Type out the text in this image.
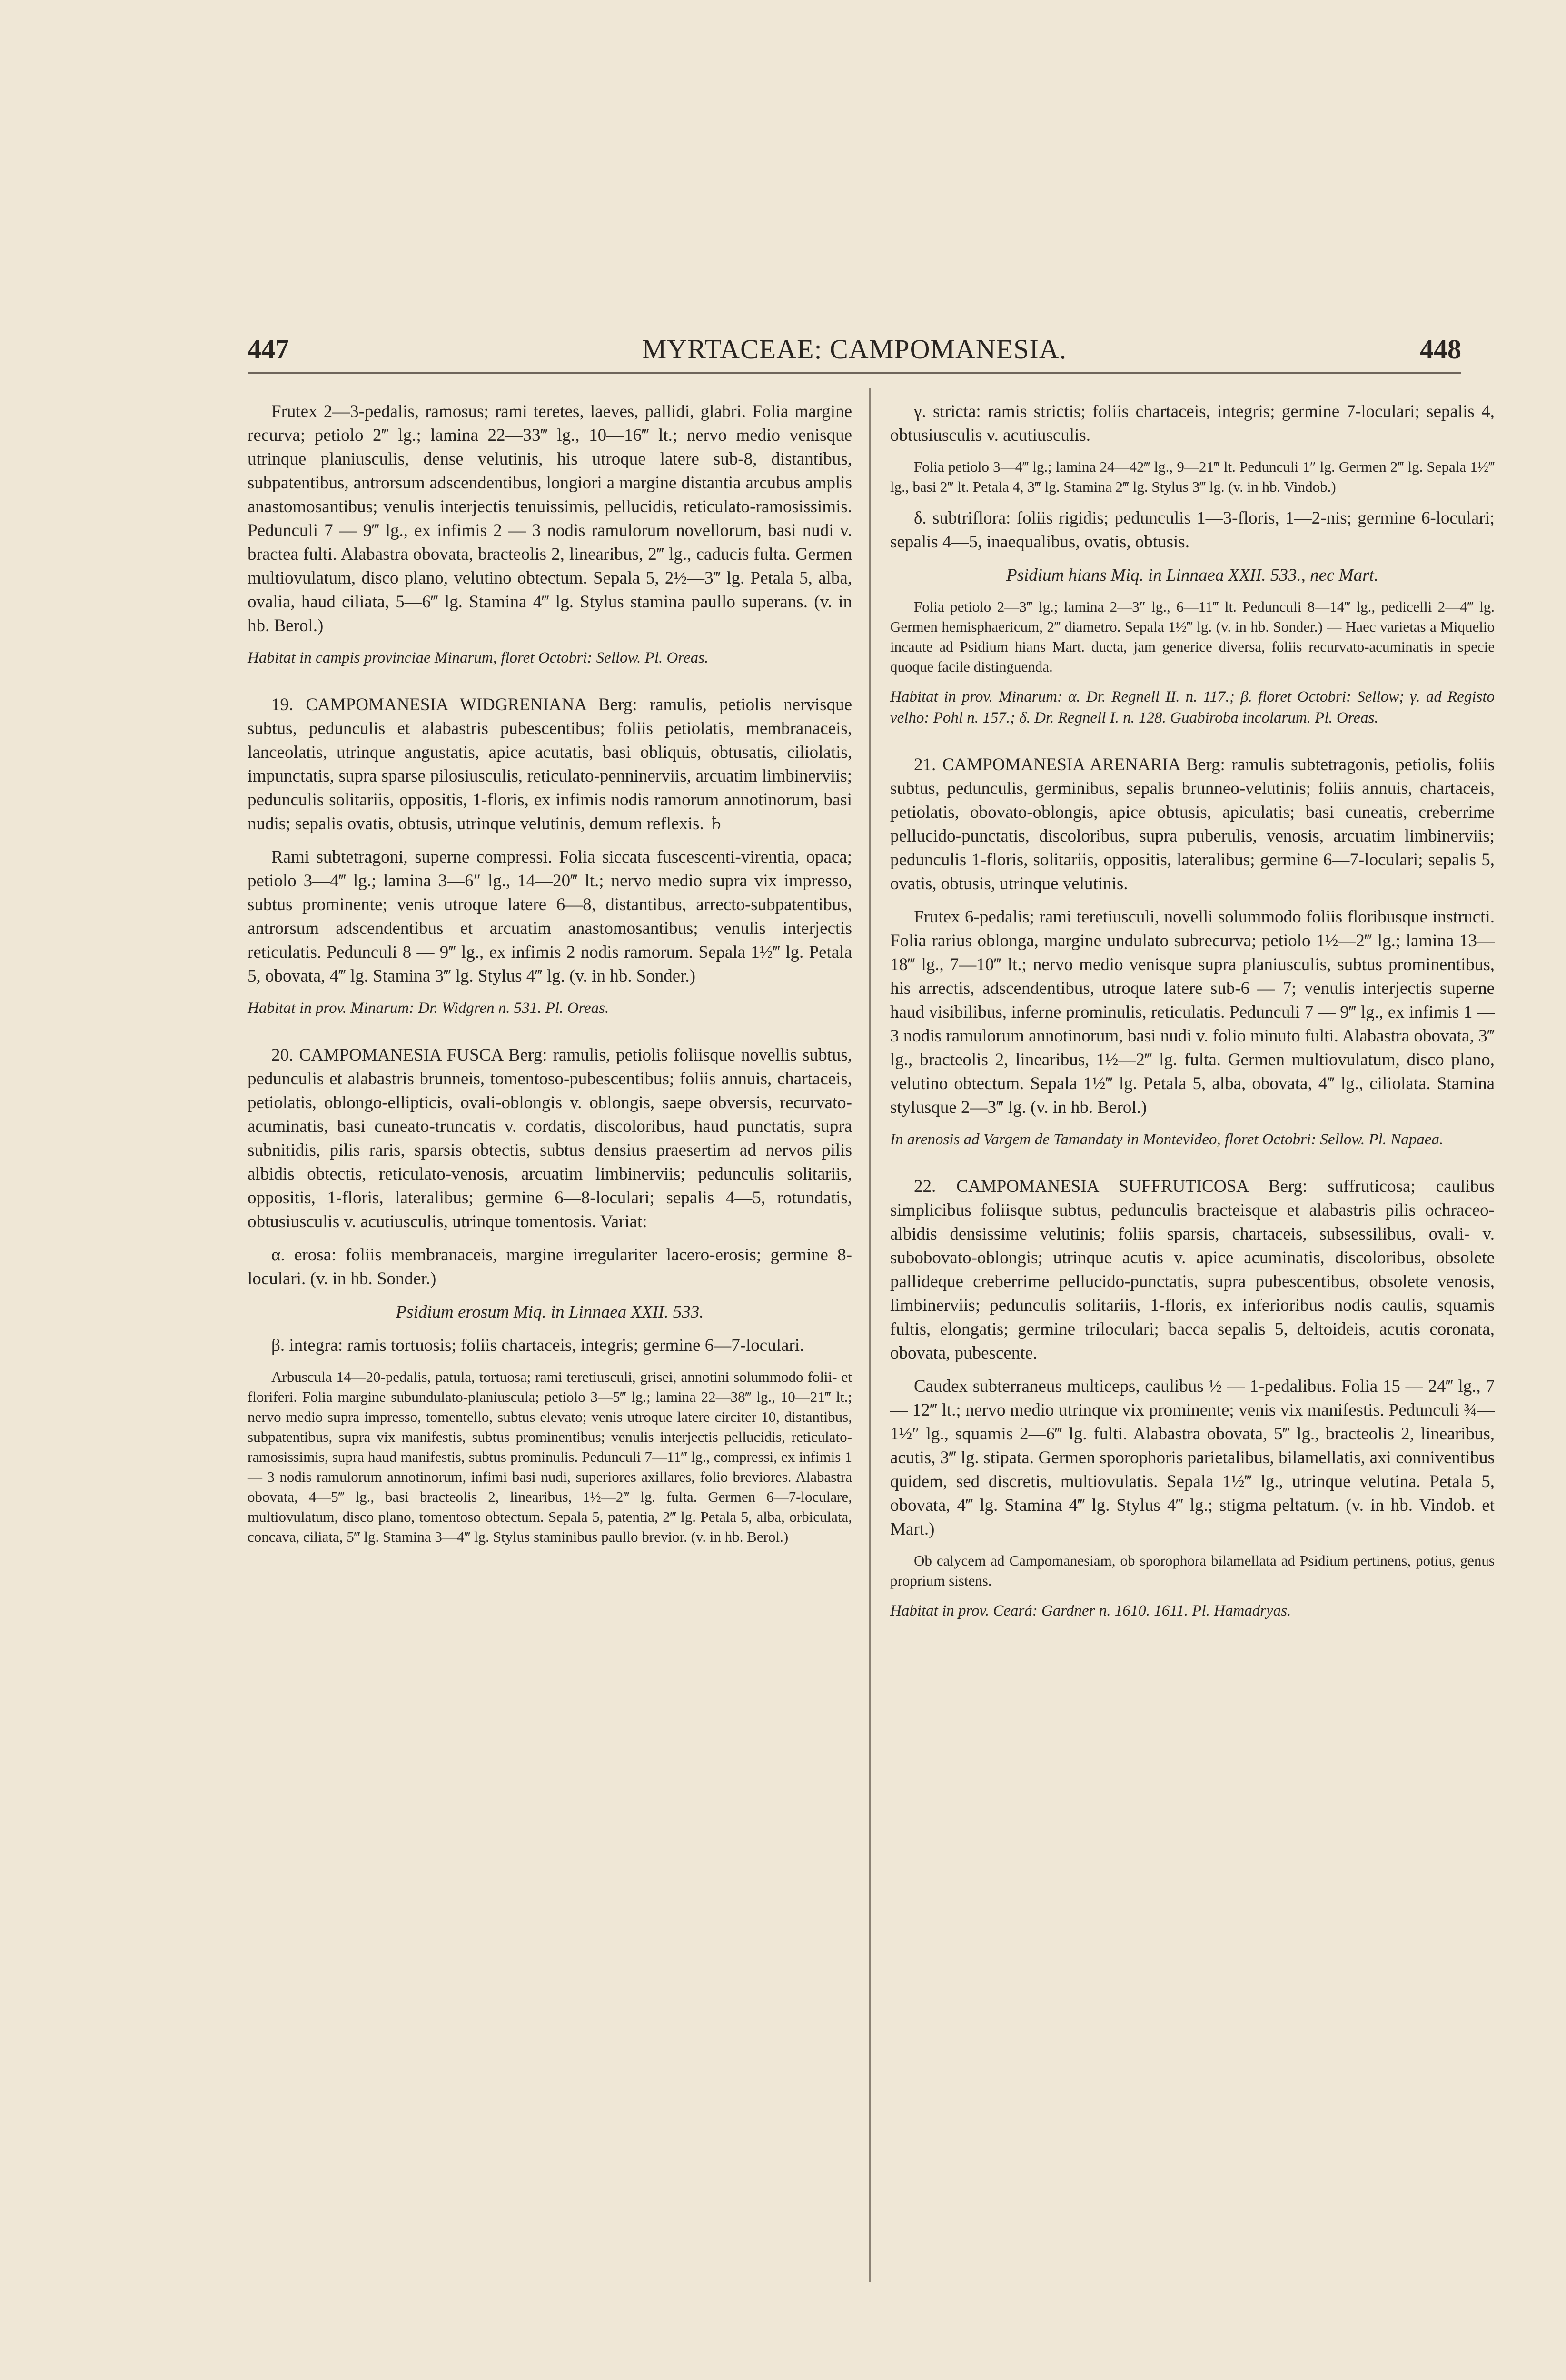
447	MYRTACEAE: CAMPOMANESIA.	448

Frutex 2—3-pedalis, ramosus; rami teretes, laeves, pallidi, glabri. Folia margine recurva; petiolo 2‴ lg.; lamina 22—33‴ lg., 10—16‴ lt.; nervo medio venisque utrinque planiusculis, dense velutinis, his utroque latere sub-8, distantibus, subpatentibus, antrorsum adscendentibus, longiori a margine distantia arcubus amplis anastomosantibus; venulis interjectis tenuissimis, pellucidis, reticulato-ramosissimis. Pedunculi 7 — 9‴ lg., ex infimis 2 — 3 nodis ramulorum novellorum, basi nudi v. bractea fulti. Alabastra obovata, bracteolis 2, linearibus, 2‴ lg., caducis fulta. Germen multiovulatum, disco plano, velutino obtectum. Sepala 5, 2½—3‴ lg. Petala 5, alba, ovalia, haud ciliata, 5—6‴ lg. Stamina 4‴ lg. Stylus stamina paullo superans. (v. in hb. Berol.)

Habitat in campis provinciae Minarum, floret Octobri: Sellow. Pl. Oreas.

19. CAMPOMANESIA WIDGRENIANA Berg: ramulis, petiolis nervisque subtus, pedunculis et alabastris pubescentibus; foliis petiolatis, membranaceis, lanceolatis, utrinque angustatis, apice acutatis, basi obliquis, obtusatis, ciliolatis, impunctatis, supra sparse pilosiusculis, reticulato-penninerviis, arcuatim limbinerviis; pedunculis solitariis, oppositis, 1-floris, ex infimis nodis ramorum annotinorum, basi nudis; sepalis ovatis, obtusis, utrinque velutinis, demum reflexis. ♄

Rami subtetragoni, superne compressi. Folia siccata fuscescenti-virentia, opaca; petiolo 3—4‴ lg.; lamina 3—6″ lg., 14—20‴ lt.; nervo medio supra vix impresso, subtus prominente; venis utroque latere 6—8, distantibus, arrecto-subpatentibus, antrorsum adscendentibus et arcuatim anastomosantibus; venulis interjectis reticulatis. Pedunculi 8 — 9‴ lg., ex infimis 2 nodis ramorum. Sepala 1½‴ lg. Petala 5, obovata, 4‴ lg. Stamina 3‴ lg. Stylus 4‴ lg. (v. in hb. Sonder.)

Habitat in prov. Minarum: Dr. Widgren n. 531. Pl. Oreas.

20. CAMPOMANESIA FUSCA Berg: ramulis, petiolis foliisque novellis subtus, pedunculis et alabastris brunneis, tomentoso-pubescentibus; foliis annuis, chartaceis, petiolatis, oblongo-ellipticis, ovali-oblongis v. oblongis, saepe obversis, recurvato-acuminatis, basi cuneato-truncatis v. cordatis, discoloribus, haud punctatis, supra subnitidis, pilis raris, sparsis obtectis, subtus densius praesertim ad nervos pilis albidis obtectis, reticulato-venosis, arcuatim limbinerviis; pedunculis solitariis, oppositis, 1-floris, lateralibus; germine 6—8-loculari; sepalis 4—5, rotundatis, obtusiusculis v. acutiusculis, utrinque tomentosis. Variat:

α. erosa: foliis membranaceis, margine irregulariter lacero-erosis; germine 8-loculari. (v. in hb. Sonder.)

Psidium erosum Miq. in Linnaea XXII. 533.

β. integra: ramis tortuosis; foliis chartaceis, integris; germine 6—7-loculari.

Arbuscula 14—20-pedalis, patula, tortuosa; rami teretiusculi, grisei, annotini solummodo folii- et floriferi. Folia margine subundulato-planiuscula; petiolo 3—5‴ lg.; lamina 22—38‴ lg., 10—21‴ lt.; nervo medio supra impresso, tomentello, subtus elevato; venis utroque latere circiter 10, distantibus, subpatentibus, supra vix manifestis, subtus prominentibus; venulis interjectis pellucidis, reticulato-ramosissimis, supra haud manifestis, subtus prominulis. Pedunculi 7—11‴ lg., compressi, ex infimis 1 — 3 nodis ramulorum annotinorum, infimi basi nudi, superiores axillares, folio breviores. Alabastra obovata, 4—5‴ lg., basi bracteolis 2, linearibus, 1½—2‴ lg. fulta. Germen 6—7-loculare, multiovulatum, disco plano, tomentoso obtectum. Sepala 5, patentia, 2‴ lg. Petala 5, alba, orbiculata, concava, ciliata, 5‴ lg. Stamina 3—4‴ lg. Stylus staminibus paullo brevior. (v. in hb. Berol.)

γ. stricta: ramis strictis; foliis chartaceis, integris; germine 7-loculari; sepalis 4, obtusiusculis v. acutiusculis.

Folia petiolo 3—4‴ lg.; lamina 24—42‴ lg., 9—21‴ lt. Pedunculi 1″ lg. Germen 2‴ lg. Sepala 1½‴ lg., basi 2‴ lt. Petala 4, 3‴ lg. Stamina 2‴ lg. Stylus 3‴ lg. (v. in hb. Vindob.)

δ. subtriflora: foliis rigidis; pedunculis 1—3-floris, 1—2-nis; germine 6-loculari; sepalis 4—5, inaequalibus, ovatis, obtusis.

Psidium hians Miq. in Linnaea XXII. 533., nec Mart.

Folia petiolo 2—3‴ lg.; lamina 2—3″ lg., 6—11‴ lt. Pedunculi 8—14‴ lg., pedicelli 2—4‴ lg. Germen hemisphaericum, 2‴ diametro. Sepala 1½‴ lg. (v. in hb. Sonder.) — Haec varietas a Miquelio incaute ad Psidium hians Mart. ducta, jam generice diversa, foliis recurvato-acuminatis in specie quoque facile distinguenda.

Habitat in prov. Minarum: α. Dr. Regnell II. n. 117.; β. floret Octobri: Sellow; γ. ad Registo velho: Pohl n. 157.; δ. Dr. Regnell I. n. 128. Guabiroba incolarum. Pl. Oreas.

21. CAMPOMANESIA ARENARIA Berg: ramulis subtetragonis, petiolis, foliis subtus, pedunculis, germinibus, sepalis brunneo-velutinis; foliis annuis, chartaceis, petiolatis, obovato-oblongis, apice obtusis, apiculatis; basi cuneatis, creberrime pellucido-punctatis, discoloribus, supra puberulis, venosis, arcuatim limbinerviis; pedunculis 1-floris, solitariis, oppositis, lateralibus; germine 6—7-loculari; sepalis 5, ovatis, obtusis, utrinque velutinis.

Frutex 6-pedalis; rami teretiusculi, novelli solummodo foliis floribusque instructi. Folia rarius oblonga, margine undulato subrecurva; petiolo 1½—2‴ lg.; lamina 13—18‴ lg., 7—10‴ lt.; nervo medio venisque supra planiusculis, subtus prominentibus, his arrectis, adscendentibus, utroque latere sub-6 — 7; venulis interjectis superne haud visibilibus, inferne prominulis, reticulatis. Pedunculi 7 — 9‴ lg., ex infimis 1 — 3 nodis ramulorum annotinorum, basi nudi v. folio minuto fulti. Alabastra obovata, 3‴ lg., bracteolis 2, linearibus, 1½—2‴ lg. fulta. Germen multiovulatum, disco plano, velutino obtectum. Sepala 1½‴ lg. Petala 5, alba, obovata, 4‴ lg., ciliolata. Stamina stylusque 2—3‴ lg. (v. in hb. Berol.)

In arenosis ad Vargem de Tamandaty in Montevideo, floret Octobri: Sellow. Pl. Napaea.

22. CAMPOMANESIA SUFFRUTICOSA Berg: suffruticosa; caulibus simplicibus foliisque subtus, pedunculis bracteisque et alabastris pilis ochraceo-albidis densissime velutinis; foliis sparsis, chartaceis, subsessilibus, ovali- v. subobovato-oblongis; utrinque acutis v. apice acuminatis, discoloribus, obsolete pallideque creberrime pellucido-punctatis, supra pubescentibus, obsolete venosis, limbinerviis; pedunculis solitariis, 1-floris, ex inferioribus nodis caulis, squamis fultis, elongatis; germine triloculari; bacca sepalis 5, deltoideis, acutis coronata, obovata, pubescente.

Caudex subterraneus multiceps, caulibus ½ — 1-pedalibus. Folia 15 — 24‴ lg., 7 — 12‴ lt.; nervo medio utrinque vix prominente; venis vix manifestis. Pedunculi ¾—1½″ lg., squamis 2—6‴ lg. fulti. Alabastra obovata, 5‴ lg., bracteolis 2, linearibus, acutis, 3‴ lg. stipata. Germen sporophoris parietalibus, bilamellatis, axi conniventibus quidem, sed discretis, multiovulatis. Sepala 1½‴ lg., utrinque velutina. Petala 5, obovata, 4‴ lg. Stamina 4‴ lg. Stylus 4‴ lg.; stigma peltatum. (v. in hb. Vindob. et Mart.)

Ob calycem ad Campomanesiam, ob sporophora bilamellata ad Psidium pertinens, potius, genus proprium sistens.

Habitat in prov. Ceará: Gardner n. 1610. 1611. Pl. Hamadryas.
